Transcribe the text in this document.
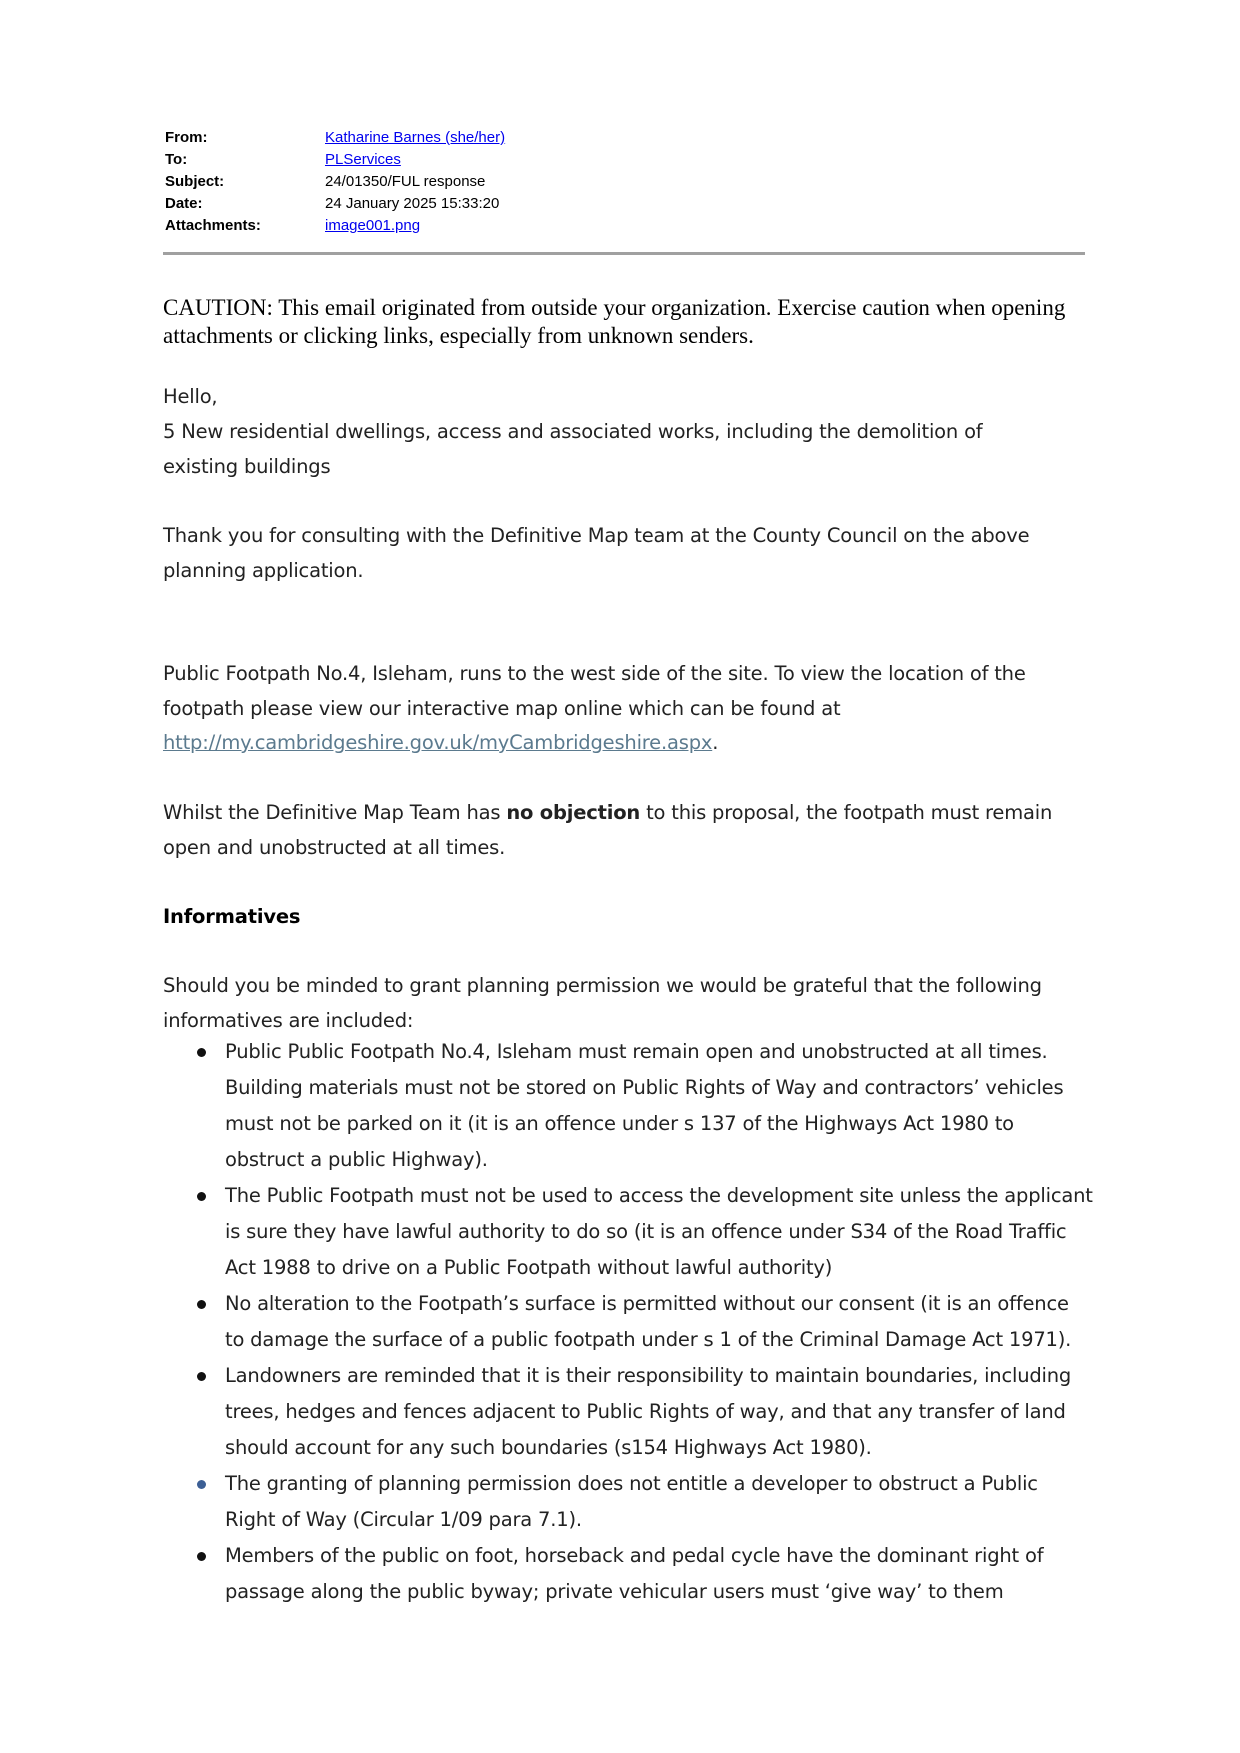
From:	Katharine Barnes (she/her)
To:	PLServices
Subject:	24/01350/FUL response
Date:	24 January 2025 15:33:20
Attachments:	image001.png
CAUTION: This email originated from outside your organization. Exercise caution when opening attachments or clicking links, especially from unknown senders.

Hello,

5 New residential dwellings, access and associated works, including the demolition of existing buildings

Thank you for consulting with the Definitive Map team at the County Council on the above planning application.

Public Footpath No.4, Isleham, runs to the west side of the site. To view the location of the footpath please view our interactive map online which can be found at http://my.cambridgeshire.gov.uk/myCambridgeshire.aspx.

Whilst the Definitive Map Team has no objection to this proposal, the footpath must remain open and unobstructed at all times.

Informatives

Should you be minded to grant planning permission we would be grateful that the following informatives are included:

Public Public Footpath No.4, Isleham must remain open and unobstructed at all times. Building materials must not be stored on Public Rights of Way and contractors’ vehicles must not be parked on it (it is an offence under s 137 of the Highways Act 1980 to obstruct a public Highway).
The Public Footpath must not be used to access the development site unless the applicant is sure they have lawful authority to do so (it is an offence under S34 of the Road Traffic Act 1988 to drive on a Public Footpath without lawful authority)
No alteration to the Footpath’s surface is permitted without our consent (it is an offence to damage the surface of a public footpath under s 1 of the Criminal Damage Act 1971).
Landowners are reminded that it is their responsibility to maintain boundaries, including trees, hedges and fences adjacent to Public Rights of way, and that any transfer of land should account for any such boundaries (s154 Highways Act 1980).
The granting of planning permission does not entitle a developer to obstruct a Public Right of Way (Circular 1/09 para 7.1).
Members of the public on foot, horseback and pedal cycle have the dominant right of passage along the public byway; private vehicular users must ‘give way’ to them
